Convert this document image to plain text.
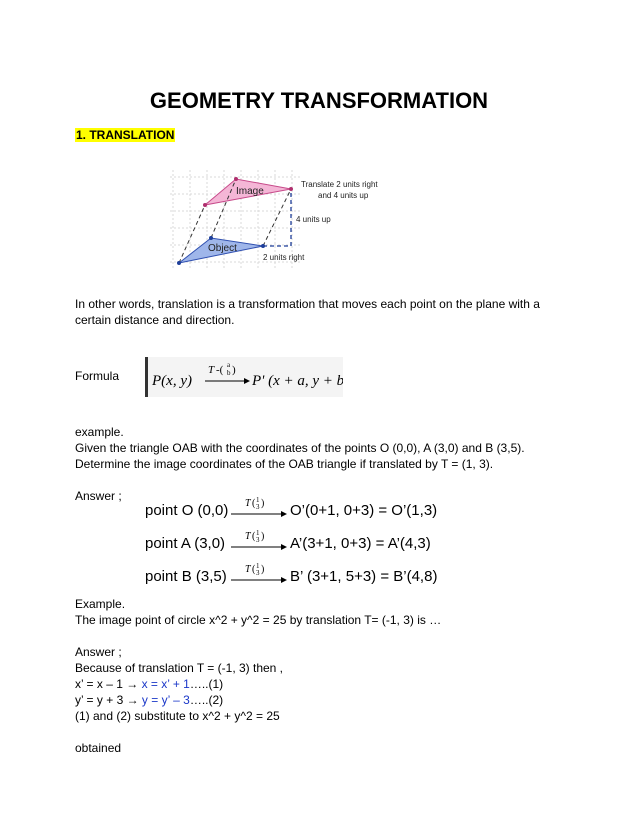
GEOMETRY TRANSFORMATION
1. TRANSLATION
Image
Object
Translate 2 units right
and 4 units up
4 units up
2 units right
In other words, translation is a transformation that moves each point on the plane with a certain distance and direction.
Formula P(x, y)
T -( a
b )
P' (x + a, y + b)
example.
Given the triangle OAB with the coordinates of the points O (0,0), A (3,0) and B (3,5).
Determine the image coordinates of the OAB triangle if translated by T = (1, 3).
Answer ;
point O (0,0) T ( 1
3 ) O’(0+1, 0+3) = O’(1,3)
point A (3,0) T ( 1
3 ) A’(3+1, 0+3) = A’(4,3)
point B (3,5) T ( 1
3 ) B’ (3+1, 5+3) = B’(4,8)
Example.
The image point of circle x^2 + y^2 = 25 by translation T= (-1, 3) is …
Answer ;
Because of translation T = (-1, 3) then ,
x’ = x – 1 → x = x’ + 1…..(1)
y’ = y + 3 → y = y’ – 3…..(2)
(1) and (2) substitute to x^2 + y^2 = 25
obtained
